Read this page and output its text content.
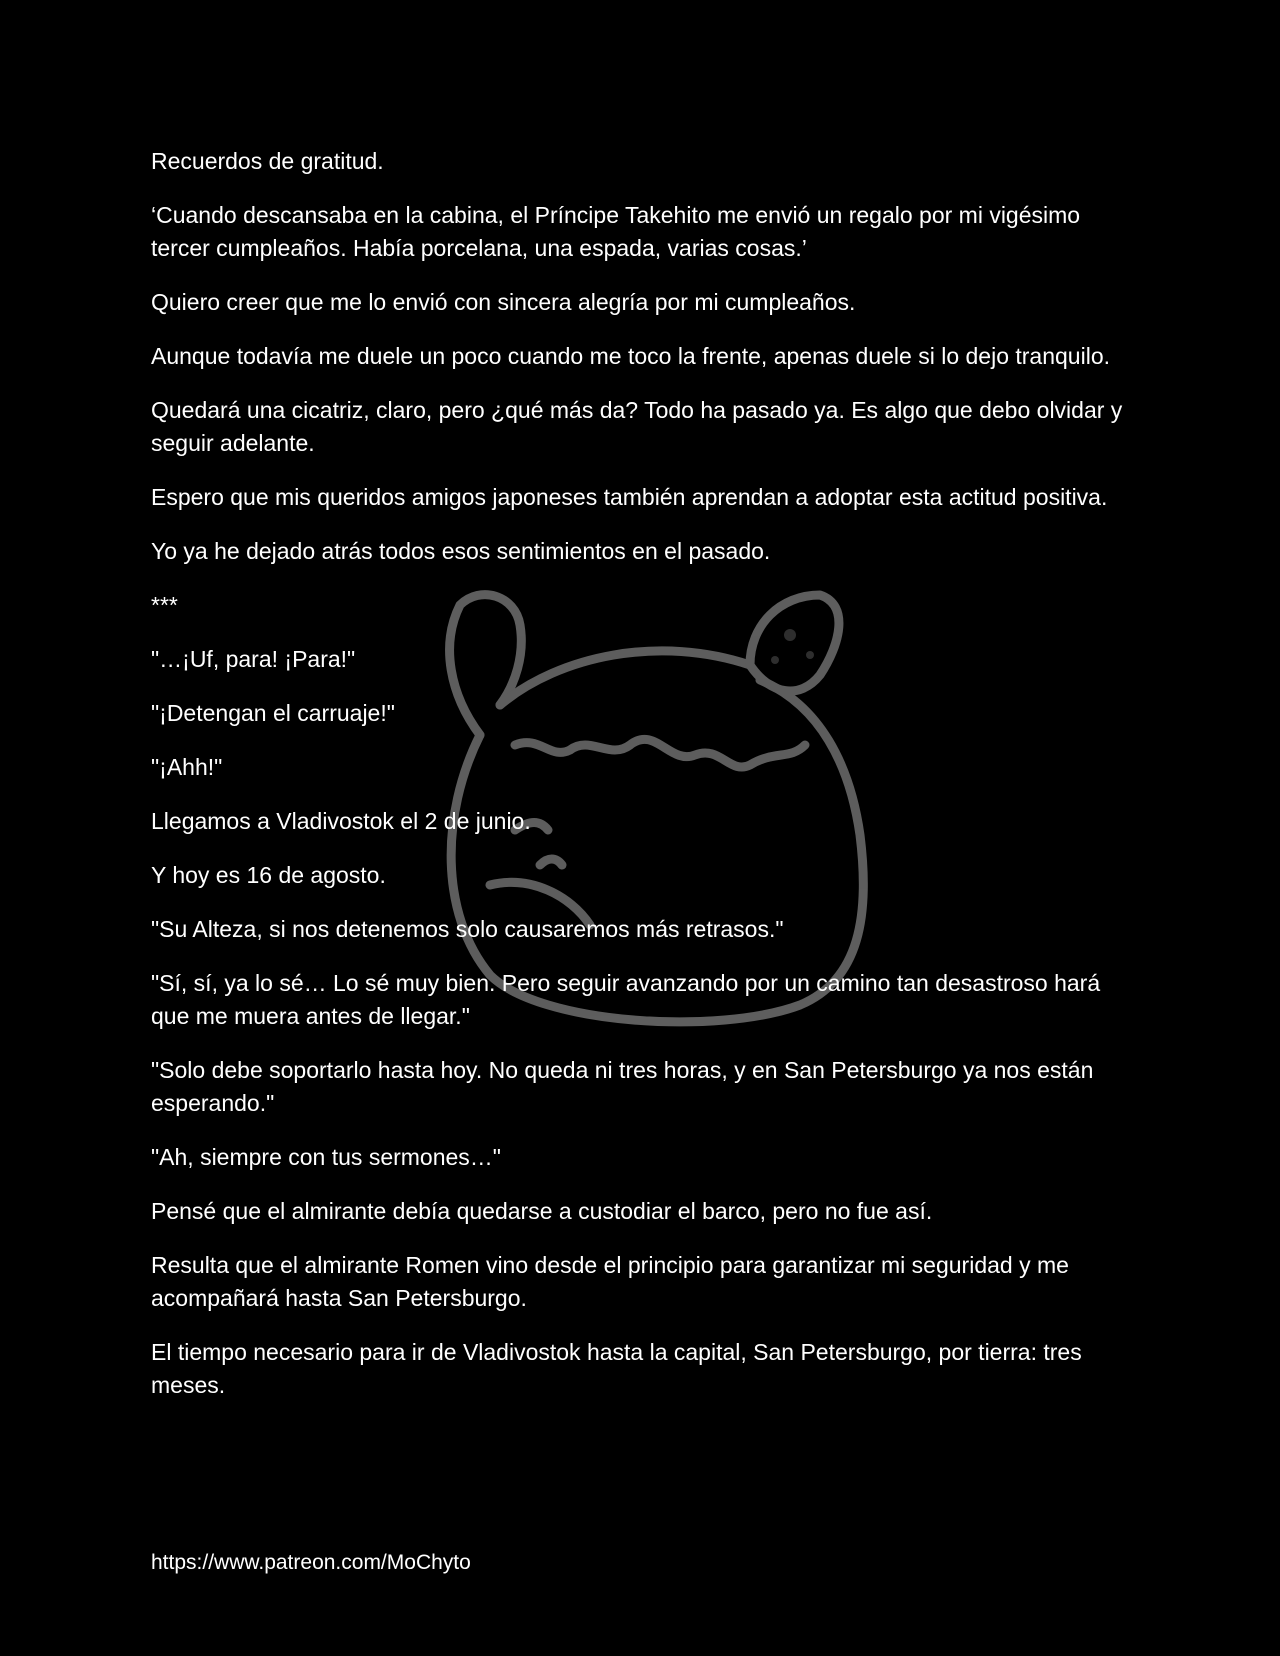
Recuerdos de gratitud.

‘Cuando descansaba en la cabina, el Príncipe Takehito me envió un regalo por mi vigésimo tercer cumpleaños. Había porcelana, una espada, varias cosas.’

Quiero creer que me lo envió con sincera alegría por mi cumpleaños.

Aunque todavía me duele un poco cuando me toco la frente, apenas duele si lo dejo tranquilo.

Quedará una cicatriz, claro, pero ¿qué más da? Todo ha pasado ya. Es algo que debo olvidar y seguir adelante.

Espero que mis queridos amigos japoneses también aprendan a adoptar esta actitud positiva.

Yo ya he dejado atrás todos esos sentimientos en el pasado.

***

"…¡Uf, para! ¡Para!"

"¡Detengan el carruaje!"

"¡Ahh!"

Llegamos a Vladivostok el 2 de junio.

Y hoy es 16 de agosto.

"Su Alteza, si nos detenemos solo causaremos más retrasos."

"Sí, sí, ya lo sé… Lo sé muy bien. Pero seguir avanzando por un camino tan desastroso hará que me muera antes de llegar."

"Solo debe soportarlo hasta hoy. No queda ni tres horas, y en San Petersburgo ya nos están esperando."

"Ah, siempre con tus sermones…"

Pensé que el almirante debía quedarse a custodiar el barco, pero no fue así.

Resulta que el almirante Romen vino desde el principio para garantizar mi seguridad y me acompañará hasta San Petersburgo.

El tiempo necesario para ir de Vladivostok hasta la capital, San Petersburgo, por tierra: tres meses.

https://www.patreon.com/MoChyto
